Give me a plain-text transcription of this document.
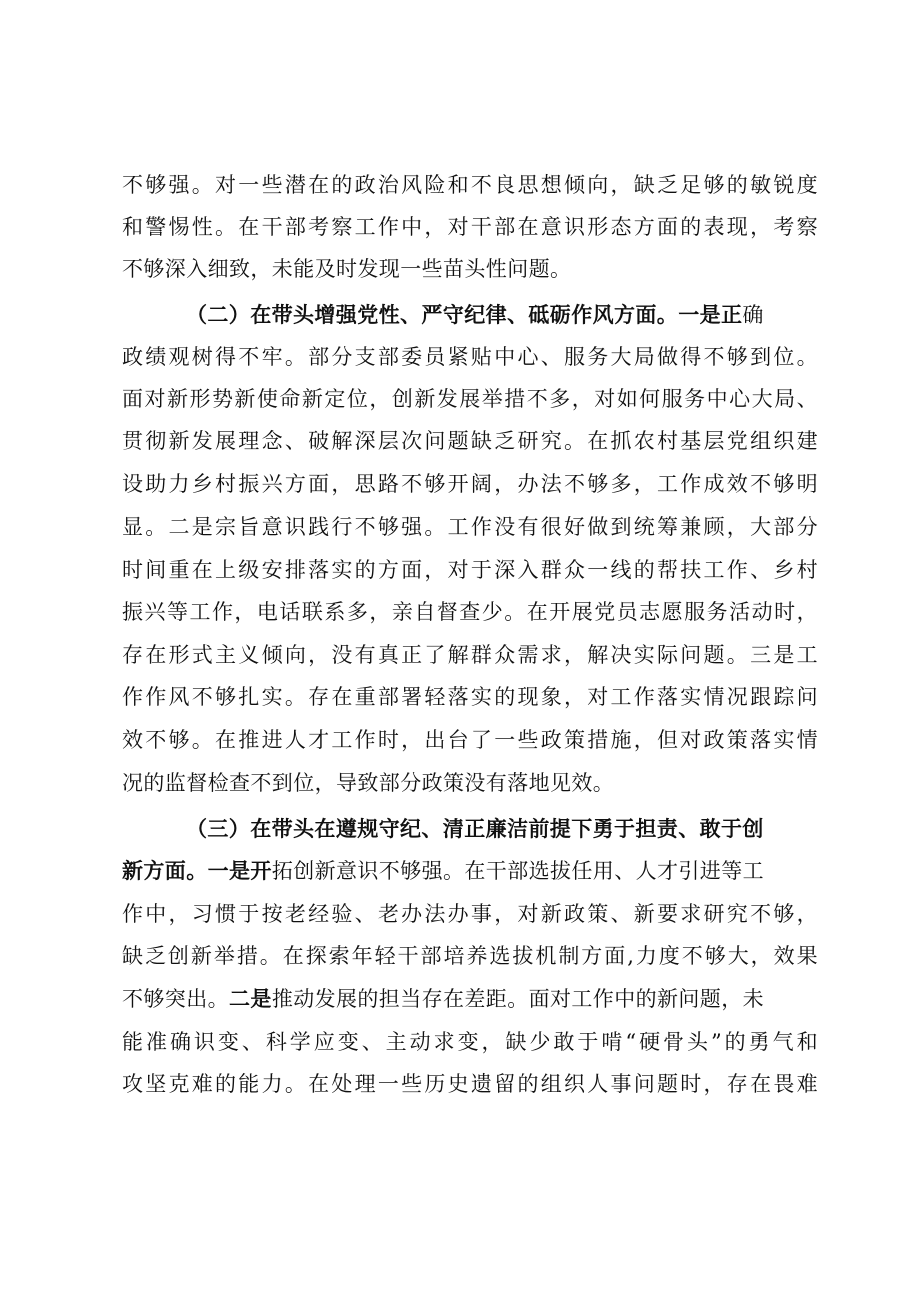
不够强。对一些潜在的政治风险和不良思想倾向，缺乏足够的敏锐度
和警惕性。在干部考察工作中，对干部在意识形态方面的表现，考察
不够深入细致，未能及时发现一些苗头性问题。
（二）在带头增强党性、严守纪律、砥砺作风方面。一是正确
政绩观树得不牢。部分支部委员紧贴中心、服务大局做得不够到位。
面对新形势新使命新定位，创新发展举措不多，对如何服务中心大局、
贯彻新发展理念、破解深层次问题缺乏研究。在抓农村基层党组织建
设助力乡村振兴方面，思路不够开阔，办法不够多，工作成效不够明
显。二是宗旨意识践行不够强。工作没有很好做到统筹兼顾，大部分
时间重在上级安排落实的方面，对于深入群众一线的帮扶工作、乡村
振兴等工作，电话联系多，亲自督查少。在开展党员志愿服务活动时，
存在形式主义倾向，没有真正了解群众需求，解决实际问题。三是工
作作风不够扎实。存在重部署轻落实的现象，对工作落实情况跟踪问
效不够。在推进人才工作时，出台了一些政策措施，但对政策落实情
况的监督检查不到位，导致部分政策没有落地见效。
（三）在带头在遵规守纪、清正廉洁前提下勇于担责、敢于创
新方面。一是开拓创新意识不够强。在干部选拔任用、人才引进等工
作中，习惯于按老经验、老办法办事，对新政策、新要求研究不够，
缺乏创新举措。在探索年轻干部培养选拔机制方面,力度不够大，效果
不够突出。二是推动发展的担当存在差距。面对工作中的新问题，未
能准确识变、科学应变、主动求变，缺少敢于啃“硬骨头”的勇气和
攻坚克难的能力。在处理一些历史遗留的组织人事问题时，存在畏难
